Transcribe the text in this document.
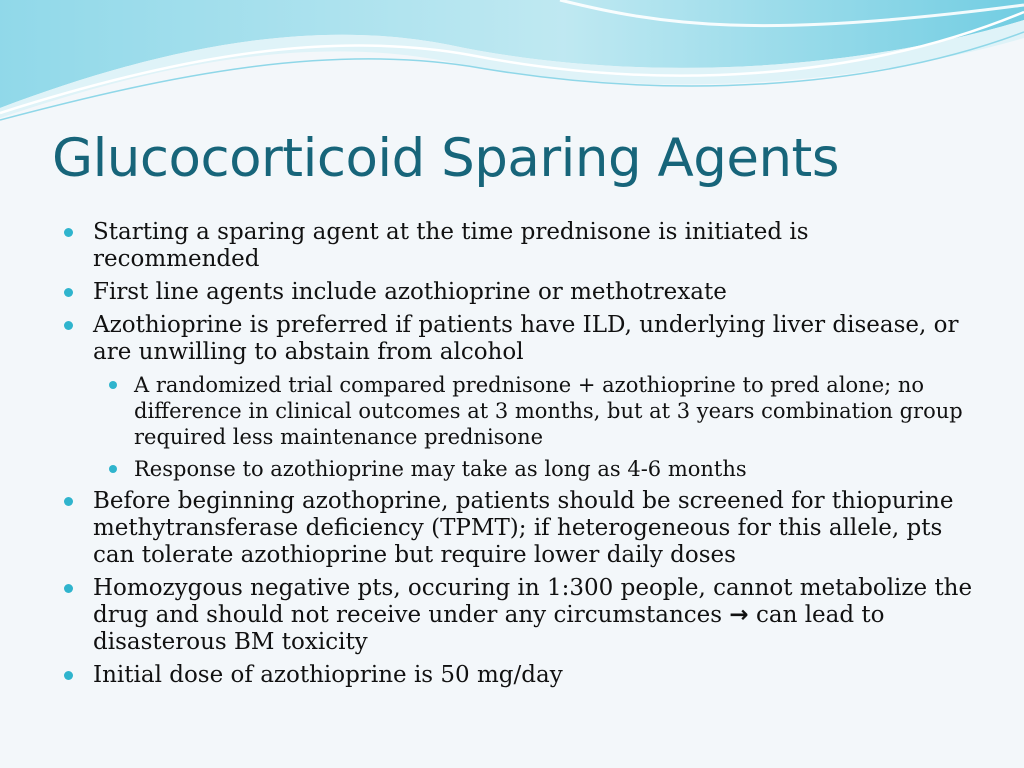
Glucocorticoid Sparing Agents
Starting a sparing agent at the time prednisone is initiated is recommended
First line agents include azothioprine or methotrexate
Azothioprine is preferred if patients have ILD, underlying liver disease, or are unwilling to abstain from alcohol
A randomized trial compared prednisone + azothioprine to pred alone; no difference in clinical outcomes at 3 months, but at 3 years combination group required less maintenance prednisone
Response to azothioprine may take as long as 4-6 months
Before beginning azothoprine, patients should be screened for thiopurine methytransferase deficiency (TPMT); if heterogeneous for this allele, pts can tolerate azothioprine but require lower daily doses
Homozygous negative pts, occuring in 1:300 people, cannot metabolize the drug and should not receive under any circumstances → can lead to disasterous BM toxicity
Initial dose of azothioprine is 50 mg/day
